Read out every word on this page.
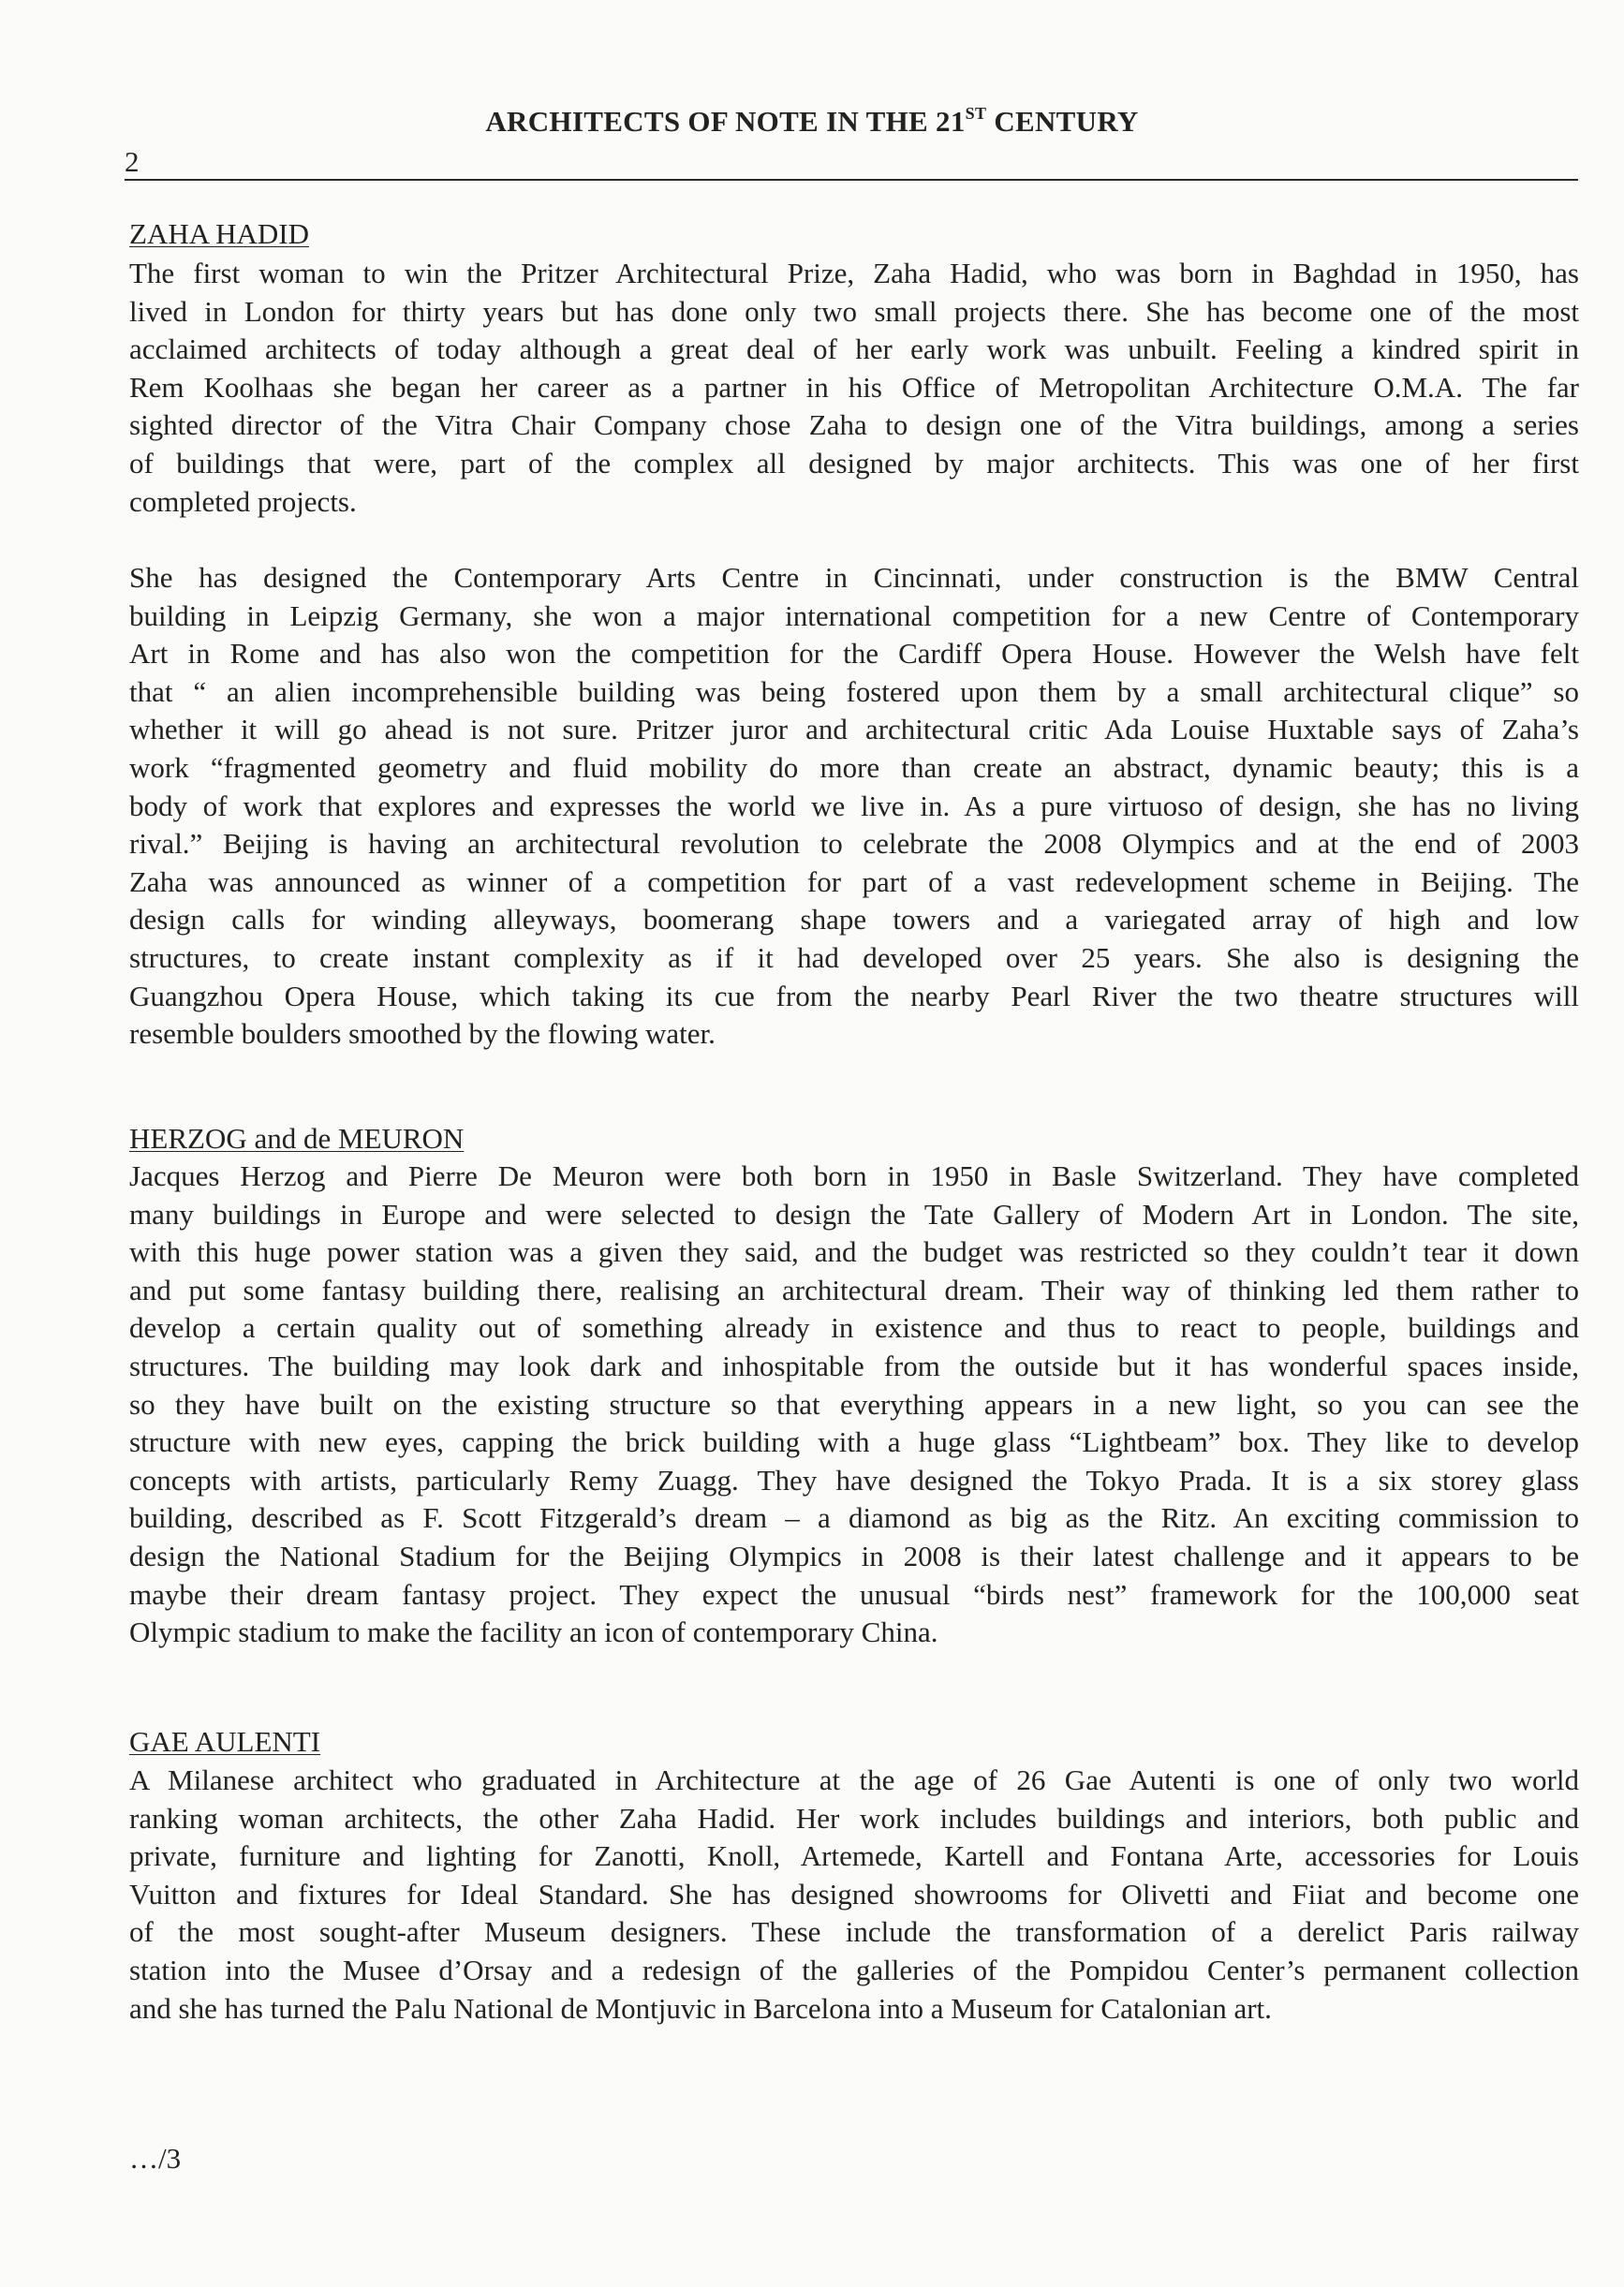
ARCHITECTS OF NOTE IN THE 21ST CENTURY
2
ZAHA HADID
The first woman to win the Pritzer Architectural Prize, Zaha Hadid, who was born in Baghdad in 1950, has
lived in London for thirty years but has done only two small projects there. She has become one of the most
acclaimed architects of today although a great deal of her early work was unbuilt. Feeling a kindred spirit in
Rem Koolhaas she began her career as a partner in his Office of Metropolitan Architecture O.M.A. The far
sighted director of the Vitra Chair Company chose Zaha to design one of the Vitra buildings, among a series
of buildings that were, part of the complex all designed by major architects. This was one of her first
completed projects.
She has designed the Contemporary Arts Centre in Cincinnati, under construction is the BMW Central
building in Leipzig Germany, she won a major international competition for a new Centre of Contemporary
Art in Rome and has also won the competition for the Cardiff Opera House. However the Welsh have felt
that “ an alien incomprehensible building was being fostered upon them by a small architectural clique” so
whether it will go ahead is not sure. Pritzer juror and architectural critic Ada Louise Huxtable says of Zaha’s
work “fragmented geometry and fluid mobility do more than create an abstract, dynamic beauty; this is a
body of work that explores and expresses the world we live in. As a pure virtuoso of design, she has no living
rival.” Beijing is having an architectural revolution to celebrate the 2008 Olympics and at the end of 2003
Zaha was announced as winner of a competition for part of a vast redevelopment scheme in Beijing. The
design calls for winding alleyways, boomerang shape towers and a variegated array of high and low
structures, to create instant complexity as if it had developed over 25 years. She also is designing the
Guangzhou Opera House, which taking its cue from the nearby Pearl River the two theatre structures will
resemble boulders smoothed by the flowing water.
HERZOG and de MEURON
Jacques Herzog and Pierre De Meuron were both born in 1950 in Basle Switzerland. They have completed
many buildings in Europe and were selected to design the Tate Gallery of Modern Art in London. The site,
with this huge power station was a given they said, and the budget was restricted so they couldn’t tear it down
and put some fantasy building there, realising an architectural dream. Their way of thinking led them rather to
develop a certain quality out of something already in existence and thus to react to people, buildings and
structures. The building may look dark and inhospitable from the outside but it has wonderful spaces inside,
so they have built on the existing structure so that everything appears in a new light, so you can see the
structure with new eyes, capping the brick building with a huge glass “Lightbeam” box. They like to develop
concepts with artists, particularly Remy Zuagg. They have designed the Tokyo Prada. It is a six storey glass
building, described as F. Scott Fitzgerald’s dream – a diamond as big as the Ritz. An exciting commission to
design the National Stadium for the Beijing Olympics in 2008 is their latest challenge and it appears to be
maybe their dream fantasy project. They expect the unusual “birds nest” framework for the 100,000 seat
Olympic stadium to make the facility an icon of contemporary China.
GAE AULENTI
A Milanese architect who graduated in Architecture at the age of 26 Gae Autenti is one of only two world
ranking woman architects, the other Zaha Hadid. Her work includes buildings and interiors, both public and
private, furniture and lighting for Zanotti, Knoll, Artemede, Kartell and Fontana Arte, accessories for Louis
Vuitton and fixtures for Ideal Standard. She has designed showrooms for Olivetti and Fiiat and become one
of the most sought-after Museum designers. These include the transformation of a derelict Paris railway
station into the Musee d’Orsay and a redesign of the galleries of the Pompidou Center’s permanent collection
and she has turned the Palu National de Montjuvic in Barcelona into a Museum for Catalonian art.
…/3
